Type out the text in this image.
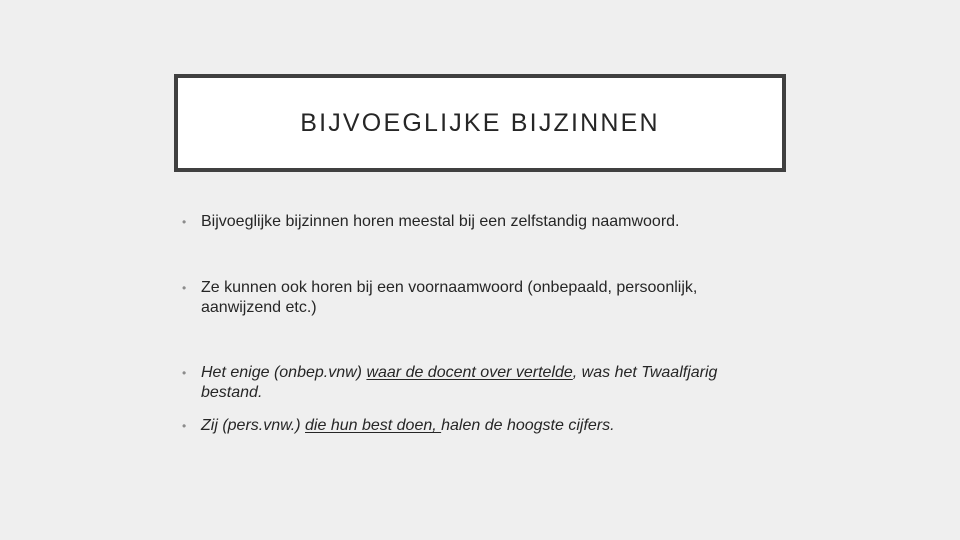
BIJVOEGLIJKE BIJZINNEN
• Bijvoeglijke bijzinnen horen meestal bij een zelfstandig naamwoord.
• Ze kunnen ook horen bij een voornaamwoord (onbepaald, persoonlijk, aanwijzend etc.)
• Het enige (onbep.vnw) waar de docent over vertelde, was het Twaalfjarig bestand.
• Zij (pers.vnw.) die hun best doen, halen de hoogste cijfers.
